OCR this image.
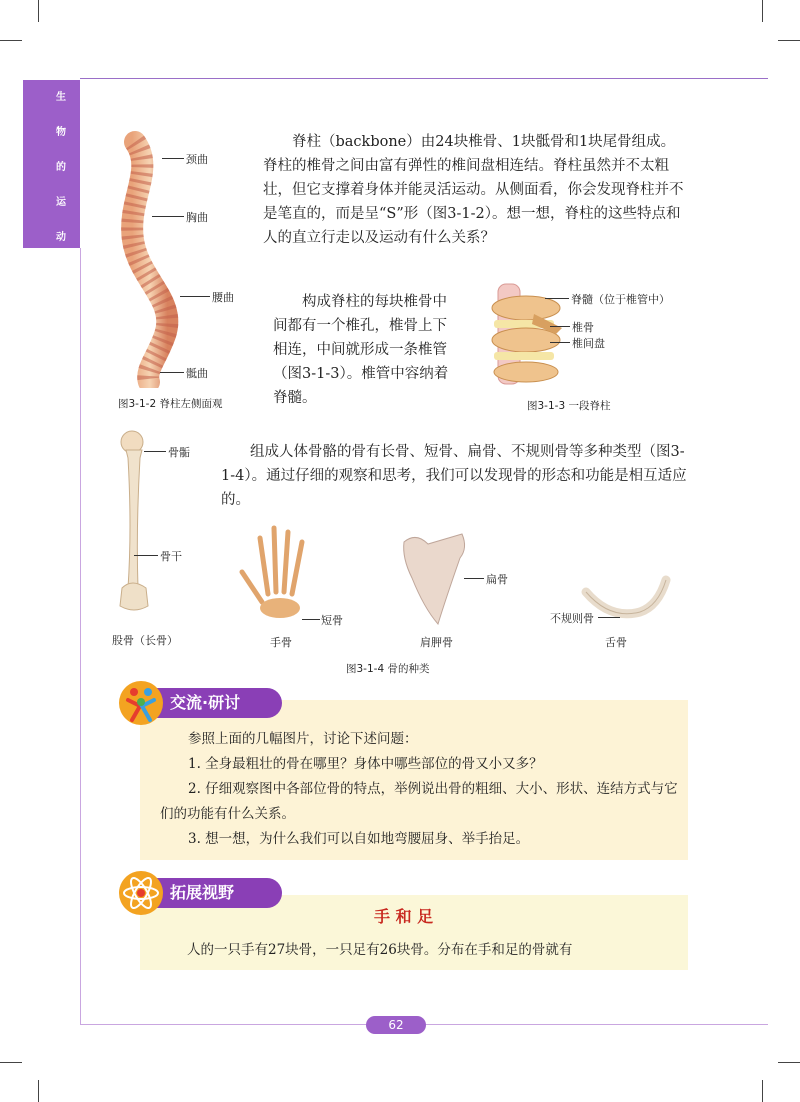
生
物
的
运
动
颈曲
胸曲
腰曲
骶曲
图3-1-2 脊柱左侧面观
脊柱（backbone）由24块椎骨、1块骶骨和1块尾骨组成。脊柱的椎骨之间由富有弹性的椎间盘相连结。脊柱虽然并不太粗壮，但它支撑着身体并能灵活运动。从侧面看，你会发现脊柱并不是笔直的，而是呈“S”形（图3-1-2）。想一想，脊柱的这些特点和人的直立行走以及运动有什么关系？
构成脊柱的每块椎骨中间都有一个椎孔，椎骨上下相连，中间就形成一条椎管（图3-1-3）。椎管中容纳着脊髓。
脊髓（位于椎管中）
椎骨
椎间盘
图3-1-3 一段脊柱
骨骺
骨干
股骨（长骨）
组成人体骨骼的骨有长骨、短骨、扁骨、不规则骨等多种类型（图3-1-4）。通过仔细的观察和思考，我们可以发现骨的形态和功能是相互适应的。
短骨
手骨
扁骨
肩胛骨
不规则骨
舌骨
图3-1-4 骨的种类
交流·研讨
参照上面的几幅图片，讨论下述问题：
1. 全身最粗壮的骨在哪里？身体中哪些部位的骨又小又多？
2. 仔细观察图中各部位骨的特点，举例说出骨的粗细、大小、形状、连结方式与它们的功能有什么关系。
3. 想一想，为什么我们可以自如地弯腰屈身、举手抬足。
拓展视野
手 和 足
人的一只手有27块骨，一只足有26块骨。分布在手和足的骨就有
62
